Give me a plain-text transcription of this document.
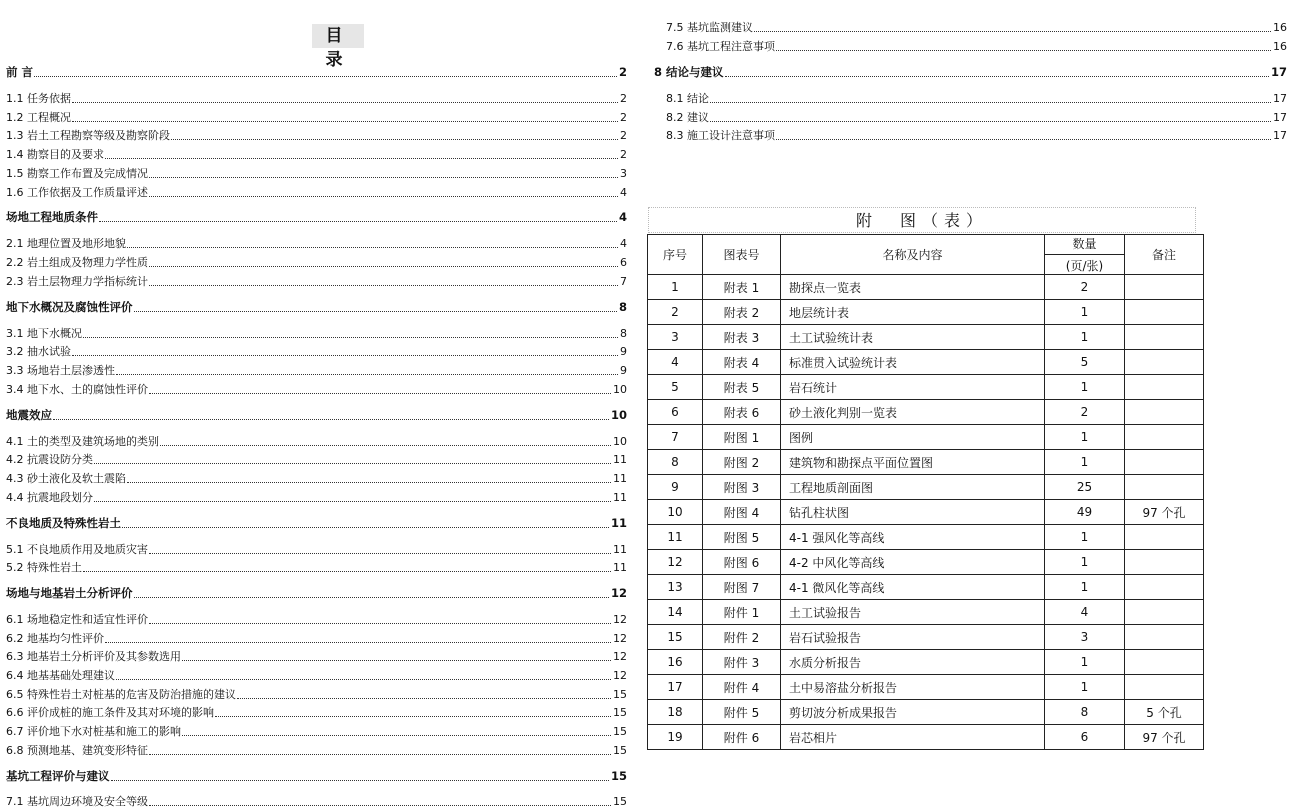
目　录
前 言	2
1.1 任务依据	2
1.2 工程概况	2
1.3 岩土工程勘察等级及勘察阶段	2
1.4 勘察目的及要求	2
1.5 勘察工作布置及完成情况	3
1.6 工作依据及工作质量评述	4
场地工程地质条件	4
2.1 地理位置及地形地貌	4
2.2 岩土组成及物理力学性质	6
2.3 岩土层物理力学指标统计	7
地下水概况及腐蚀性评价	8
3.1 地下水概况	8
3.2 抽水试验	9
3.3 场地岩土层渗透性	9
3.4 地下水、土的腐蚀性评价	10
地震效应	10
4.1 土的类型及建筑场地的类别	10
4.2 抗震设防分类	11
4.3 砂土液化及软土震陷	11
4.4 抗震地段划分	11
不良地质及特殊性岩土	11
5.1 不良地质作用及地质灾害	11
5.2 特殊性岩土	11
场地与地基岩土分析评价	12
6.1 场地稳定性和适宜性评价	12
6.2 地基均匀性评价	12
6.3 地基岩土分析评价及其参数选用	12
6.4 地基基础处理建议	12
6.5 特殊性岩土对桩基的危害及防治措施的建议	15
6.6 评价成桩的施工条件及其对环境的影响	15
6.7 评价地下水对桩基和施工的影响	15
6.8 预测地基、建筑变形特征	15
基坑工程评价与建议	15
7.1 基坑周边环境及安全等级	15
7.5 基坑监测建议	16
7.6 基坑工程注意事项	16
8 结论与建议	17
8.1 结论	17
8.2 建议	17
8.3 施工设计注意事项	17
附　图（表）
序号	图表号	名称及内容	数量
(页/张)	备注
1	附表 1	勘探点一览表	2	
2	附表 2	地层统计表	1	
3	附表 3	土工试验统计表	1	
4	附表 4	标准贯入试验统计表	5	
5	附表 5	岩石统计	1	
6	附表 6	砂土液化判别一览表	2	
7	附图 1	图例	1	
8	附图 2	建筑物和勘探点平面位置图	1	
9	附图 3	工程地质剖面图	25	
10	附图 4	钻孔柱状图	49	97 个孔
11	附图 5	4-1 强风化等高线	1	
12	附图 6	4-2 中风化等高线	1	
13	附图 7	4-1 微风化等高线	1	
14	附件 1	土工试验报告	4	
15	附件 2	岩石试验报告	3	
16	附件 3	水质分析报告	1	
17	附件 4	土中易溶盐分析报告	1	
18	附件 5	剪切波分析成果报告	8	5 个孔
19	附件 6	岩芯相片	6	97 个孔
